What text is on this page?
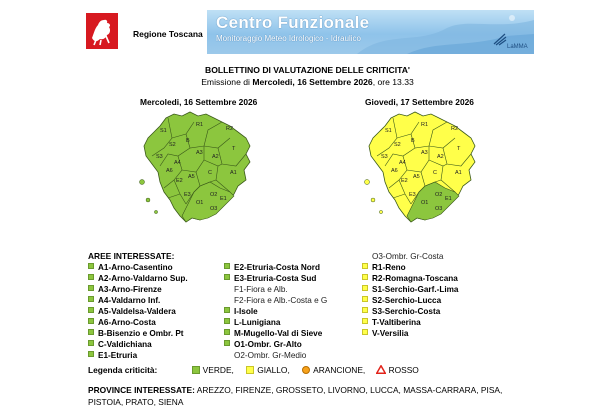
Regione Toscana
Centro Funzionale
Monitoraggio Meteo Idrologico - Idraulico
LaMMA
BOLLETTINO DI VALUTAZIONE DELLE CRITICITA'
Emissione di Mercoledi, 16 Settembre 2026, ore 13.33
Mercoledi, 16 Settembre 2026	Giovedi, 17 Settembre 2026
S1
S2
R1
R2
S3
A3
T
B
A4
A6
A2
A1
E2
A5
C
E3
O1
O2
E1
O3
S1
S2
R1
R2
S3
A3
T
B
A4
A6
A2
A1
E2
A5
C
E3
O1
O2
E1
O3
AREE INTERESSATE:
A1-Arno-Casentino
A2-Arno-Valdarno Sup.
A3-Arno-Firenze
A4-Valdarno Inf.
A5-Valdelsa-Valdera
A6-Arno-Costa
B-Bisenzio e Ombr. Pt
C-Valdichiana
E1-Etruria
E2-Etruria-Costa Nord
E3-Etruria-Costa Sud
F1-Fiora e Alb.
F2-Fiora e Alb.-Costa e G
I-Isole
L-Lunigiana
M-Mugello-Val di Sieve
O1-Ombr. Gr-Alto
O2-Ombr. Gr-Medio
O3-Ombr. Gr-Costa
R1-Reno
R2-Romagna-Toscana
S1-Serchio-Garf.-Lima
S2-Serchio-Lucca
S3-Serchio-Costa
T-Valtiberina
V-Versilia
Legenda criticità:	VERDE,	GIALLO,	ARANCIONE,	ROSSO
PROVINCE INTERESSATE: AREZZO, FIRENZE, GROSSETO, LIVORNO, LUCCA, MASSA-CARRARA, PISA, PISTOIA, PRATO, SIENA
